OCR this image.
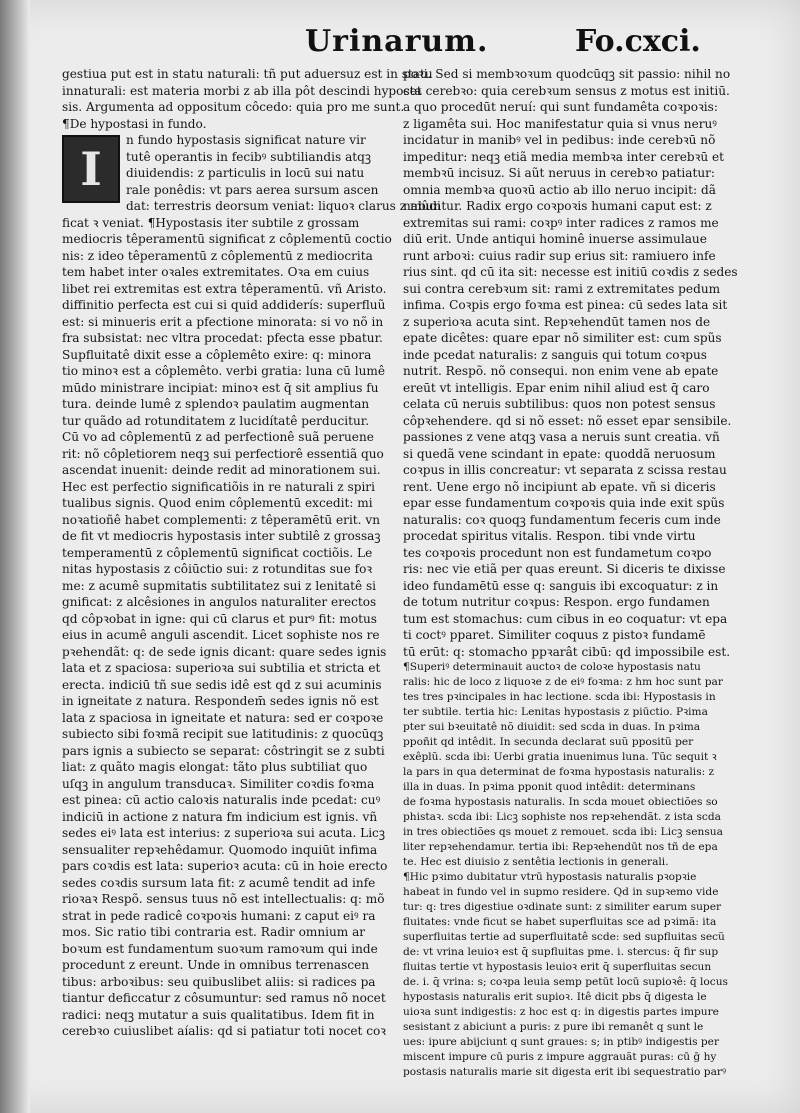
Urinarum.	Fo.cxci.
gestiua put est in statu naturali: tñ put aduersuz est in statu
innaturali: est materia morbi z ab illa pôt descindi hyposta
sis. Argumenta ad oppositum côcedo: quia pro me sunt.
¶De hypostasi in fundo.
I
n fundo hypostasis significat nature vir
tutê operantis in fecibꝰ subtiliandis atqꝫ
diuidendis: z particulis in locū sui natu
rale ponêdis: vt pars aerea sursum ascen
dat: terrestris deorsum veniat: liquoꝛ clarus z mûdi
ficat ꝛ veniat. ¶Hypostasis iter subtile z grossam
mediocris têperamentū significat z côplementū coctio
nis: z ideo têperamentū z côplementū z mediocrita
tem habet inter oꝛales extremitates. Oꝛa em cuius
libet rei extremitas est extra têperamentū. vñ Aristo.
diffinitio perfecta est cui si quid addiderís: superfluũ
est: si minueris erit a pfectione minorata: si vo nõ in
fra subsistat: nec vltra procedat: pfecta esse pbatur.
Supfluitatê dixit esse a côplemêto exire: q: minora
tio minoꝛ est a côplemêto. verbi gratia: luna cū lumê
mūdo ministrare incipiat: minoꝛ est q̄ sit amplius fu
tura. deinde lumê z splendoꝛ paulatim augmentan
tur quãdo ad rotunditatem z lucidítatê perducitur.
Cū vo ad côplementū z ad perfectionê suã peruene
rit: nõ côpletiorem neqꝫ sui perfectiorê essentiã quo
ascendat inuenit: deinde redit ad minorationem sui.
Hec est perfectio significatiõis in re naturali z spiri
tualibus signis. Quod enim côplementū excedit: mi
noꝛatioñê habet complementi: z têperamētū erit. vn
de fit vt mediocris hypostasis inter subtilê z grossaꝫ
temperamentū z côplementū significat coctiõis. Le
nitas hypostasis z côiūctio sui: z rotunditas sue foꝛ
me: z acumê supmitatis subtilitatez sui z lenitatê si
gnificat: z alcêsiones in angulos naturaliter erectos
qd côpꝛobat in igne: qui cū clarus et purꝰ fit: motus
eius in acumê anguli ascendit. Licet sophiste nos re
pꝛehendãt: q: de sede ignis dicant: quare sedes ignis
lata et z spaciosa: superioꝛa sui subtilia et stricta et
erecta. indiciū tñ sue sedis idê est qd z sui acuminis
in igneitate z natura. Respondem̄ sedes ignis nõ est
lata z spaciosa in igneitate et natura: sed er coꝛpoꝛe
subiecto sibi foꝛmã recipit sue latitudinis: z quocūqꝫ
pars ignis a subiecto se separat: côstringit se z subti
liat: z quãto magis elongat: tãto plus subtiliat quo
uſqꝫ in angulum transducaꝛ. Similiter coꝛdis foꝛma
est pinea: cū actio caloꝛis naturalis inde pcedat: cuꝰ
indiciū in actione z natura fm indicium est ignis. vñ
sedes eiꝰ lata est interius: z superioꝛa sui acuta. Licꝫ
sensualiter repꝛehêdamur. Quomodo inquiūt infima
pars coꝛdis est lata: superioꝛ acuta: cū in hoie erecto
sedes coꝛdis sursum lata fit: z acumê tendit ad infe
rioꝛaꝛ Respõ. sensus tuus nõ est intellectualis: q: mõ
strat in pede radicê coꝛpoꝛis humani: z caput eiꝰ ra
mos. Sic ratio tibi contraria est. Radir omnium ar
boꝛum est fundamentum suoꝛum ramoꝛum qui inde
procedunt z ereunt. Unde in omnibus terrenascen
tibus: arboꝛibus: seu quibuslibet aliis: si radices pa
tiantur deficcatur z côsumuntur: sed ramus nõ nocet
radici: neqꝫ mutatur a suis qualitatibus. Idem fit in
cerebꝛo cuiuslibet aíalis: qd si patiatur toti nocet coꝛ
poꝛi. Sed si membꝛoꝛum quodcūqꝫ sit passio: nihil no
cet cerebꝛo: quia cerebꝛum sensus z motus est initiū.
a quo procedūt neruí: qui sunt fundamêta coꝛpoꝛis:
z ligamêta sui. Hoc manifestatur quia si vnus neruꝰ
incidatur in manibꝰ vel in pedibus: inde cerebꝛū nõ
impeditur: neqꝫ etiã media membꝛa inter cerebꝛū et
membꝛū incisuz. Si aũt neruus in cerebꝛo patiatur:
omnia membꝛa quoꝛū actio ab illo neruo incipit: dã
nabuntur. Radix ergo coꝛpoꝛis humani caput est: z
extremitas sui rami: coꝛpꝰ inter radices z ramos me
diū erit. Unde antiqui hominê inuerse assimulaue
runt arboꝛi: cuius radir sup erius sit: ramiuero infe
rius sint. qd cū ita sit: necesse est initiū coꝛdis z sedes
sui contra cerebꝛum sit: rami z extremitates pedum
infima. Coꝛpis ergo foꝛma est pinea: cū sedes lata sit
z superioꝛa acuta sint. Repꝛehendūt tamen nos de
epate dicêtes: quare epar nõ similiter est: cum spũs
inde pcedat naturalis: z sanguis qui totum coꝛpus
nutrit. Respõ. nõ consequi. non enim vene ab epate
ereūt vt intelligis. Epar enim nihil aliud est q̄ caro
celata cū neruis subtilibus: quos non potest sensus
côpꝛehendere. qd si nõ esset: nõ esset epar sensibile.
passiones z vene atqꝫ vasa a neruis sunt creatia. vñ
si quedã vene scindant in epate: quoddã neruosum
coꝛpus in illis concreatur: vt separata z scissa restau
rent. Uene ergo nõ incipiunt ab epate. vñ si diceris
epar esse fundamentum coꝛpoꝛis quia inde exit spũs
naturalis: coꝛ quoqꝫ fundamentum feceris cum inde
procedat spiritus vitalis. Respon. tibi vnde virtu
tes coꝛpoꝛis procedunt non est fundametum coꝛpo
ris: nec vie etiã per quas ereunt. Si diceris te dixisse
ideo fundamētū esse q: sanguis ibi excoquatur: z in
de totum nutritur coꝛpus: Respon. ergo fundamen
tum est stomachus: cum cibus in eo coquatur: vt epa
ti coctꝰ pparet. Similiter coquus z pistoꝛ fundamē
tū erūt: q: stomacho ppꝛarât cibū: qd impossibile est.
¶Superiꝰ determinauit auctoꝛ de coloꝛe hypostasis natu
ralis: hic de loco z liquoꝛe z de eiꝰ foꝛma: z hm hoc sunt par
tes tres pꝛincipales in hac lectione. scda ibi: Hypostasis in
ter subtile. tertia hic: Lenitas hypostasis z piūctio. Pꝛima
pter sui bꝛeuitatê nõ diuidit: sed scda in duas. In pꝛima
ppoñit qd intêdit. In secunda declarat suũ ppositũ per
exêplũ. scda ibi: Uerbi gratia inuenimus luna. Tũc sequit ꝛ
la pars in qua determinat de foꝛma hypostasis naturalis: z
illa in duas. In pꝛima pponit quod intêdit: determinans
de foꝛma hypostasis naturalis. In scda mouet obiectiões so
phistaꝛ. scda ibi: Licꝫ sophiste nos repꝛehendãt. z ista scda
in tres obiectiões qs mouet z remouet. scda ibi: Licꝫ sensua
liter repꝛehendamur. tertia ibi: Repꝛehendūt nos tñ de epa
te. Hec est diuisio z sentêtia lectionis in generali.
¶Hic pꝛimo dubitatur vtrū hypostasis naturalis pꝛopꝛie
habeat in fundo vel in supmo residere. Qd in supꝛemo vide
tur: q: tres digestiue oꝛdinate sunt: z similiter earum super
fluitates: vnde ficut se habet superfluitas sce ad pꝛimã: ita
superfluitas tertie ad superfluitatê scde: sed supfluitas secũ
de: vt vrina leuioꝛ est q̄ supfluitas pme. i. stercus: q̄ fir sup
fluitas tertie vt hypostasis leuioꝛ erit q̄ superfluitas secun
de. i. q̄ vrina: s; coꝛpa leuia semp petūt locū supioꝛê: q̄ locus
hypostasis naturalis erit supioꝛ. Itê dicit pbs q̄ digesta le
uioꝛa sunt indigestis: z hoc est q: in digestis partes impure
sesistant z abiciunt a puris: z pure ibi remanêt q sunt le
ues: ipure abijciunt q sunt graues: s; in ptibꝰ indigestis per
miscent impure cū puris z impure aggrauãt puras: cū ḡ hy
postasis naturalis marie sit digesta erit ibi sequestratio parꝰ
